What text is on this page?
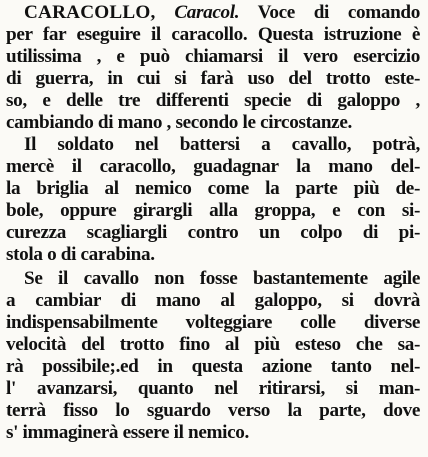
CARACOLLO, Caracol. Voce di comando
per far eseguire il caracollo. Questa istruzione è
utilissima , e può chiamarsi il vero esercizio
di guerra, in cui si farà uso del trotto este-
so, e delle tre differenti specie di galoppo ,
cambiando di mano , secondo le circostanze.
Il soldato nel battersi a cavallo, potrà,
mercè il caracollo, guadagnar la mano del-
la briglia al nemico come la parte più de-
bole, oppure girargli alla groppa, e con si-
curezza scagliargli contro un colpo di pi-
stola o di carabina.
Se il cavallo non fosse bastantemente agile
a cambiar di mano al galoppo, si dovrà
indispensabilmente volteggiare colle diverse
velocità del trotto fino al più esteso che sa-
rà possibile;.ed in questa azione tanto nel-
l' avanzarsi, quanto nel ritirarsi, si man-
terrà fisso lo sguardo verso la parte, dove
s' immaginerà essere il nemico.
